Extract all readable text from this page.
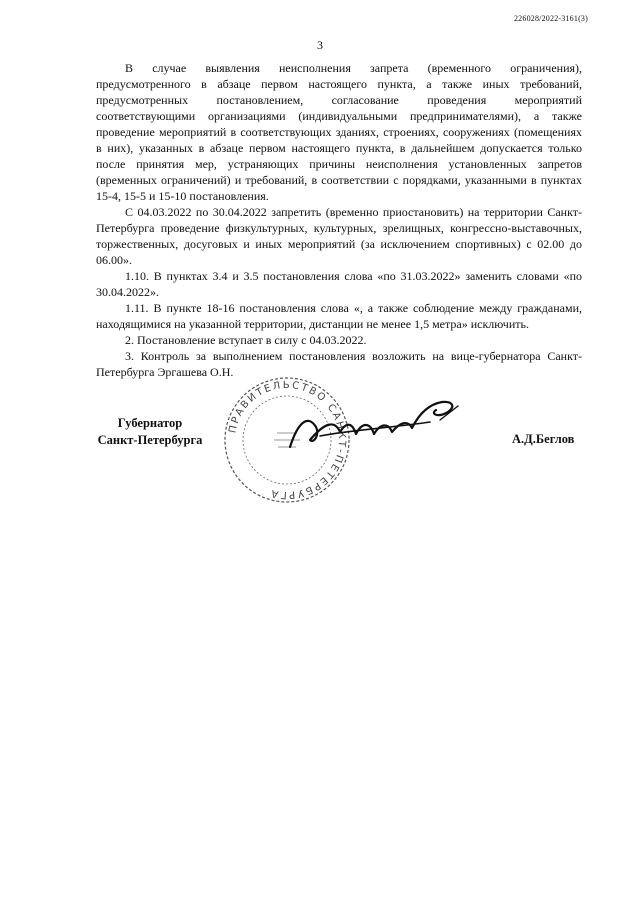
226028/2022-3161(3)
3

В случае выявления неисполнения запрета (временного ограничения), предусмотренного в абзаце первом настоящего пункта, а также иных требований, предусмотренных постановлением, согласование проведения мероприятий соответствующими организациями (индивидуальными предпринимателями), а также проведение мероприятий в соответствующих зданиях, строениях, сооружениях (помещениях в них), указанных в абзаце первом настоящего пункта, в дальнейшем допускается только после принятия мер, устраняющих причины неисполнения установленных запретов (временных ограничений) и требований, в соответствии с порядками, указанными в пунктах 15-4, 15-5 и 15-10 постановления.

С 04.03.2022 по 30.04.2022 запретить (временно приостановить) на территории Санкт-Петербурга проведение физкультурных, культурных, зрелищных, конгрессно-выставочных, торжественных, досуговых и иных мероприятий (за исключением спортивных) с 02.00 до 06.00».

1.10. В пунктах 3.4 и 3.5 постановления слова «по 31.03.2022» заменить словами «по 30.04.2022».

1.11. В пункте 18-16 постановления слова «, а также соблюдение между гражданами, находящимися на указанной территории, дистанции не менее 1,5 метра» исключить.

2. Постановление вступает в силу с 04.03.2022.

3. Контроль за выполнением постановления возложить на вице-губернатора Санкт-Петербурга Эргашева О.Н.

Губернатор
Санкт-Петербурга	А.Д.Беглов
ПРАВИТЕЛЬСТВО САНКТ-ПЕТЕРБУРГА
